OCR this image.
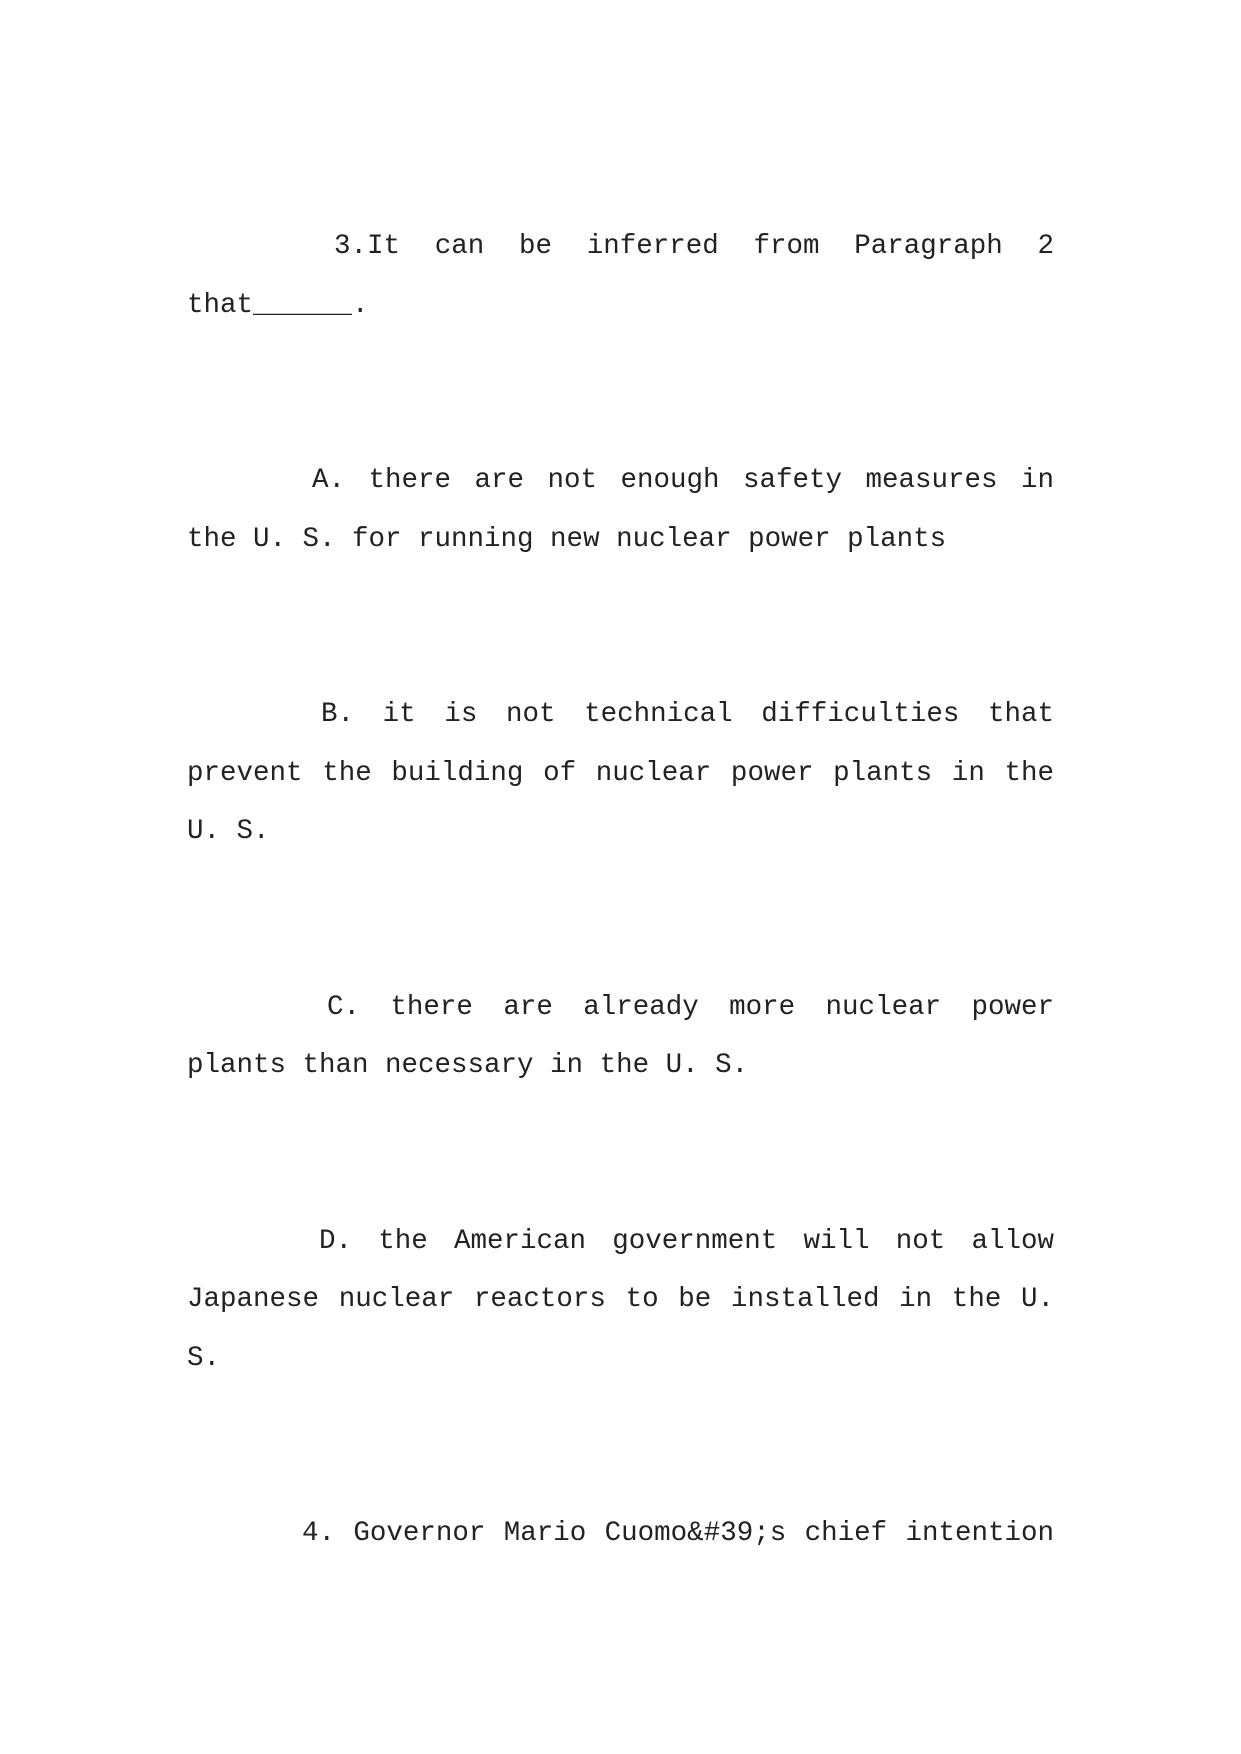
3.It can be inferred from Paragraph 2 that______.

A. there are not enough safety measures in the U. S. for running new nuclear power plants

B. it is not technical difficulties that prevent the building of nuclear power plants in the U. S.

C. there are already more nuclear power plants than necessary in the U. S.

D. the American government will not allow Japanese nuclear reactors to be installed in the U. S.

4. Governor Mario Cuomo&#39;s chief intention
